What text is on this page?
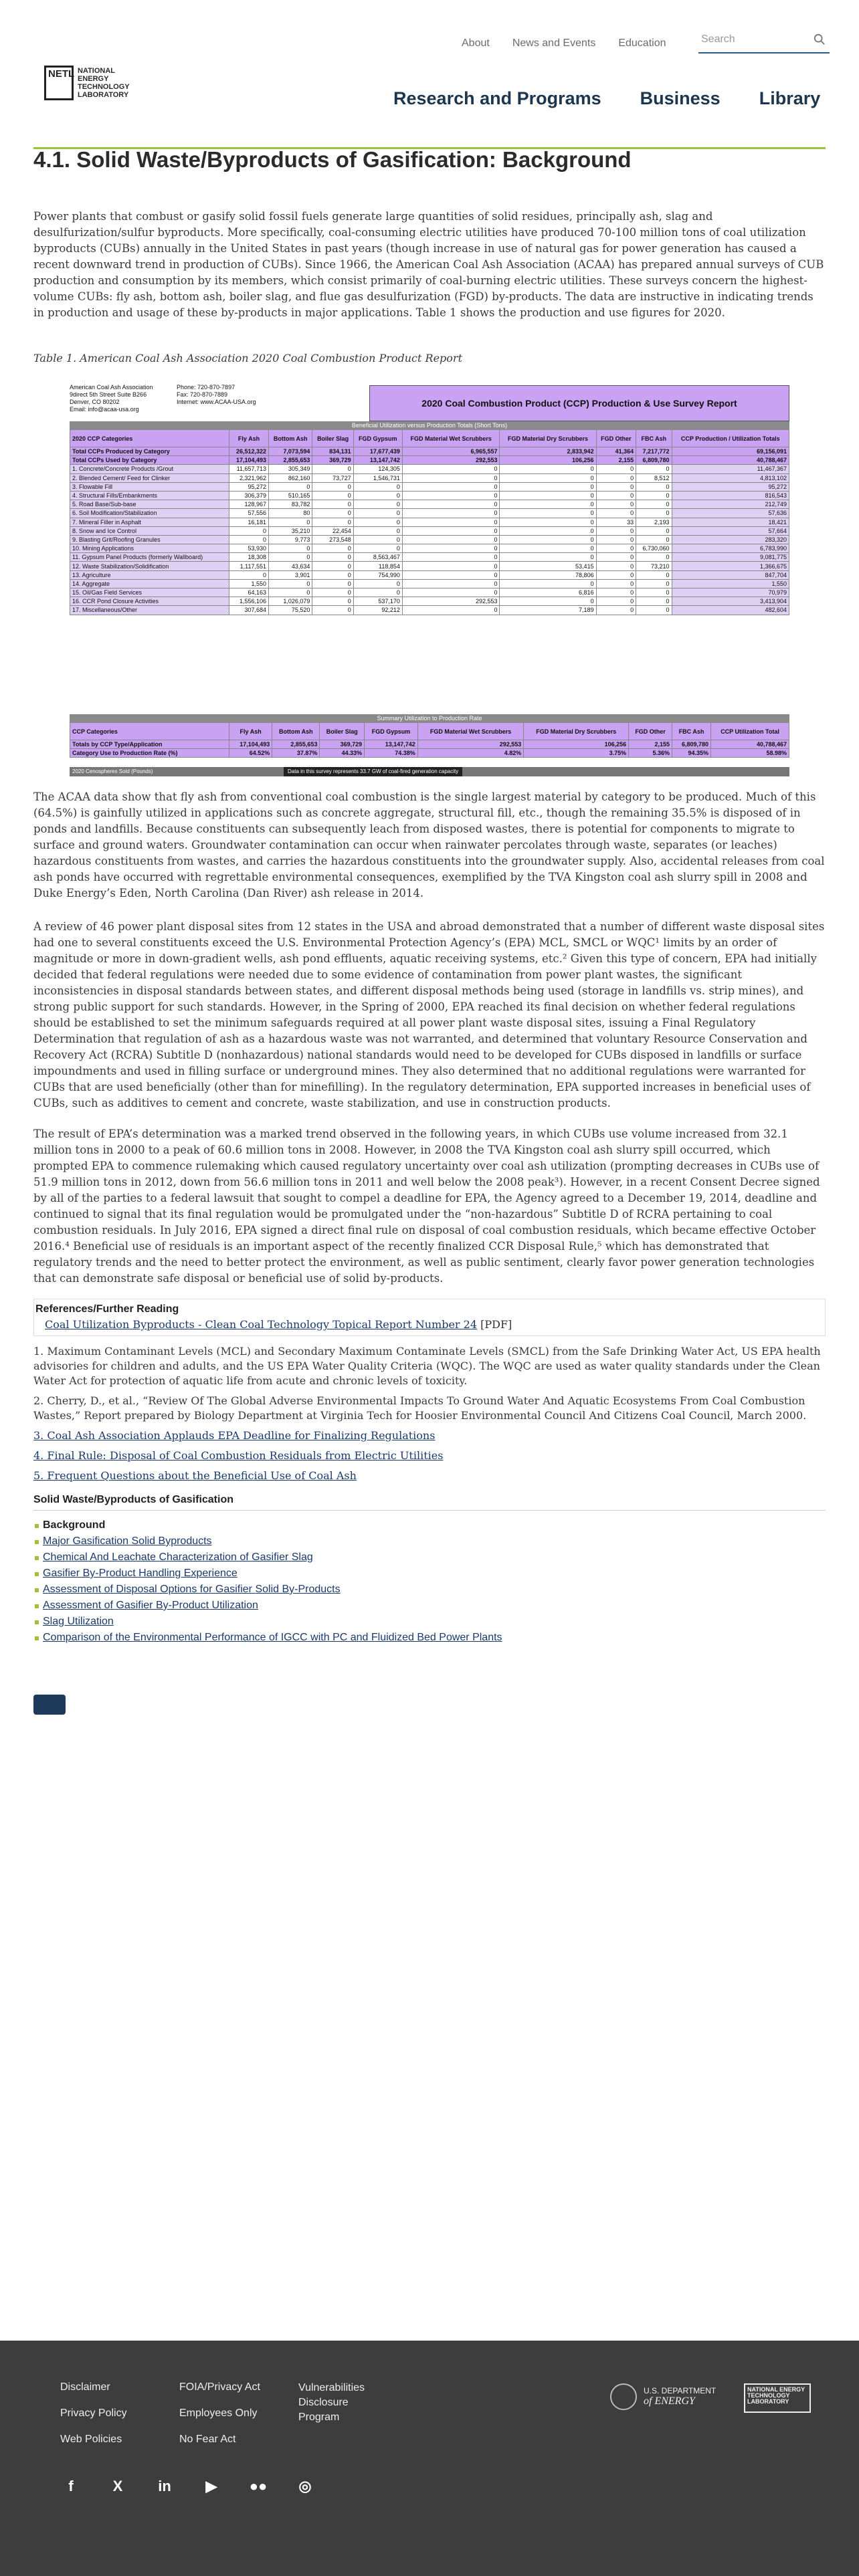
About News and Events Education	Search
NETL NATIONAL
ENERGY
TECHNOLOGY
LABORATORY	Research and Programs Business Library
4.1. Solid Waste/Byproducts of Gasification: Background
Power plants that combust or gasify solid fossil fuels generate large quantities of solid residues, principally ash, slag and desulfurization/sulfur byproducts. More specifically, coal-consuming electric utilities have produced 70-100 million tons of coal utilization byproducts (CUBs) annually in the United States in past years (though increase in use of natural gas for power generation has caused a recent downward trend in production of CUBs). Since 1966, the American Coal Ash Association (ACAA) has prepared annual surveys of CUB production and consumption by its members, which consist primarily of coal-burning electric utilities. These surveys concern the highest-volume CUBs: fly ash, bottom ash, boiler slag, and flue gas desulfurization (FGD) by-products. The data are instructive in indicating trends in production and usage of these by-products in major applications. Table 1 shows the production and use figures for 2020.
Table 1. American Coal Ash Association 2020 Coal Combustion Product Report
American Coal Ash Association
9direct 5th Street Suite B266
Denver, CO 80202
Email: info@acaa-usa.org
Phone: 720-870-7897
Fax: 720-870-7889
Internet: www.ACAA-USA.org	2020 Coal Combustion Product (CCP) Production & Use Survey Report
Beneficial Utilization versus Production Totals (Short Tons)
2020 CCP Categories	Fly Ash	Bottom Ash	Boiler Slag	FGD Gypsum	FGD Material Wet Scrubbers	FGD Material Dry Scrubbers	FGD Other	FBC Ash	CCP Production / Utilization Totals
Total CCPs Produced by Category	26,512,322	7,073,594	834,131	17,677,439	6,965,557	2,833,942	41,364	7,217,772	69,156,091
Total CCPs Used by Category	17,104,493	2,855,653	369,729	13,147,742	292,553	106,256	2,155	6,809,780	40,788,467
1. Concrete/Concrete Products /Grout	11,657,713	305,349	0	124,305	0	0	0	0	11,467,367
2. Blended Cement/ Feed for Clinker	2,321,962	862,160	73,727	1,546,731	0	0	0	8,512	4,813,102
3. Flowable Fill	95,272	0	0	0	0	0	0	0	95,272
4. Structural Fills/Embankments	306,379	510,165	0	0	0	0	0	0	816,543
5. Road Base/Sub-base	128,967	83,782	0	0	0	0	0	0	212,749
6. Soil Modification/Stabilization	57,556	80	0	0	0	0	0	0	57,636
7. Mineral Filler in Asphalt	16,181	0	0	0	0	0	33	2,193	18,421
8. Snow and Ice Control	0	35,210	22,454	0	0	0	0	0	57,664
9. Blasting Grit/Roofing Granules	0	9,773	273,548	0	0	0	0	0	283,320
10. Mining Applications	53,930	0	0	0	0	0	0	6,730,060	6,783,990
11. Gypsum Panel Products (formerly Wallboard)	18,308	0	0	8,563,467	0	0	0	0	9,081,775
12. Waste Stabilization/Solidification	1,117,551	43,634	0	118,854	0	53,415	0	73,210	1,366,675
13. Agriculture	0	3,901	0	754,990	0	78,806	0	0	847,704
14. Aggregate	1,550	0	0	0	0	0	0	0	1,550
15. Oil/Gas Field Services	64,163	0	0	0	0	6,816	0	0	70,979
16. CCR Pond Closure Activities	1,556,106	1,026,079	0	537,170	292,553	0	0	0	3,413,904
17. Miscellaneous/Other	307,684	75,520	0	92,212	0	7,189	0	0	482,604
Summary Utilization to Production Rate
CCP Categories	Fly Ash	Bottom Ash	Boiler Slag	FGD Gypsum	FGD Material Wet Scrubbers	FGD Material Dry Scrubbers	FGD Other	FBC Ash	CCP Utilization Total
Totals by CCP Type/Application	17,104,493	2,855,653	369,729	13,147,742	292,553	106,256	2,155	6,809,780	40,788,467
Category Use to Production Rate (%)	64.52%	37.87%	44.33%	74.38%	4.82%	3.75%	5.36%	94.35%	58.98%
2020 Cenospheres Sold (Pounds)	Data in this survey represents 33.7 GW of coal-fired generation capacity
The ACAA data show that fly ash from conventional coal combustion is the single largest material by category to be produced. Much of this (64.5%) is gainfully utilized in applications such as concrete aggregate, structural fill, etc., though the remaining 35.5% is disposed of in ponds and landfills. Because constituents can subsequently leach from disposed wastes, there is potential for components to migrate to surface and ground waters. Groundwater contamination can occur when rainwater percolates through waste, separates (or leaches) hazardous constituents from wastes, and carries the hazardous constituents into the groundwater supply. Also, accidental releases from coal ash ponds have occurred with regrettable environmental consequences, exemplified by the TVA Kingston coal ash slurry spill in 2008 and Duke Energy’s Eden, North Carolina (Dan River) ash release in 2014.
A review of 46 power plant disposal sites from 12 states in the USA and abroad demonstrated that a number of different waste disposal sites had one to several constituents exceed the U.S. Environmental Protection Agency’s (EPA) MCL, SMCL or WQC¹ limits by an order of magnitude or more in down-gradient wells, ash pond effluents, aquatic receiving systems, etc.² Given this type of concern, EPA had initially decided that federal regulations were needed due to some evidence of contamination from power plant wastes, the significant inconsistencies in disposal standards between states, and different disposal methods being used (storage in landfills vs. strip mines), and strong public support for such standards. However, in the Spring of 2000, EPA reached its final decision on whether federal regulations should be established to set the minimum safeguards required at all power plant waste disposal sites, issuing a Final Regulatory Determination that regulation of ash as a hazardous waste was not warranted, and determined that voluntary Resource Conservation and Recovery Act (RCRA) Subtitle D (nonhazardous) national standards would need to be developed for CUBs disposed in landfills or surface impoundments and used in filling surface or underground mines. They also determined that no additional regulations were warranted for CUBs that are used beneficially (other than for minefilling). In the regulatory determination, EPA supported increases in beneficial uses of CUBs, such as additives to cement and concrete, waste stabilization, and use in construction products.
The result of EPA’s determination was a marked trend observed in the following years, in which CUBs use volume increased from 32.1 million tons in 2000 to a peak of 60.6 million tons in 2008. However, in 2008 the TVA Kingston coal ash slurry spill occurred, which prompted EPA to commence rulemaking which caused regulatory uncertainty over coal ash utilization (prompting decreases in CUBs use of 51.9 million tons in 2012, down from 56.6 million tons in 2011 and well below the 2008 peak³). However, in a recent Consent Decree signed by all of the parties to a federal lawsuit that sought to compel a deadline for EPA, the Agency agreed to a December 19, 2014, deadline and continued to signal that its final regulation would be promulgated under the “non-hazardous” Subtitle D of RCRA pertaining to coal combustion residuals. In July 2016, EPA signed a direct final rule on disposal of coal combustion residuals, which became effective October 2016.⁴ Beneficial use of residuals is an important aspect of the recently finalized CCR Disposal Rule,⁵ which has demonstrated that regulatory trends and the need to better protect the environment, as well as public sentiment, clearly favor power generation technologies that can demonstrate safe disposal or beneficial use of solid by-products.
References/Further Reading
Coal Utilization Byproducts - Clean Coal Technology Topical Report Number 24 [PDF]
1. Maximum Contaminant Levels (MCL) and Secondary Maximum Contaminate Levels (SMCL) from the Safe Drinking Water Act, US EPA health advisories for children and adults, and the US EPA Water Quality Criteria (WQC). The WQC are used as water quality standards under the Clean Water Act for protection of aquatic life from acute and chronic levels of toxicity.
2. Cherry, D., et al., “Review Of The Global Adverse Environmental Impacts To Ground Water And Aquatic Ecosystems From Coal Combustion Wastes,” Report prepared by Biology Department at Virginia Tech for Hoosier Environmental Council And Citizens Coal Council, March 2000.
3. Coal Ash Association Applauds EPA Deadline for Finalizing Regulations
4. Final Rule: Disposal of Coal Combustion Residuals from Electric Utilities
5. Frequent Questions about the Beneficial Use of Coal Ash
Solid Waste/Byproducts of Gasification
Background
Major Gasification Solid Byproducts
Chemical And Leachate Characterization of Gasifier Slag
Gasifier By-Product Handling Experience
Assessment of Disposal Options for Gasifier Solid By-Products
Assessment of Gasifier By-Product Utilization
Slag Utilization
Comparison of the Environmental Performance of IGCC with PC and Fluidized Bed Power Plants
Disclaimer
Privacy Policy
Web Policies
FOIA/Privacy Act
Employees Only
No Fear Act
Vulnerabilities
Disclosure
Program
U.S. DEPARTMENT
of ENERGY
NATIONAL ENERGY TECHNOLOGY LABORATORY
f	X	in	▶	●● ◎
